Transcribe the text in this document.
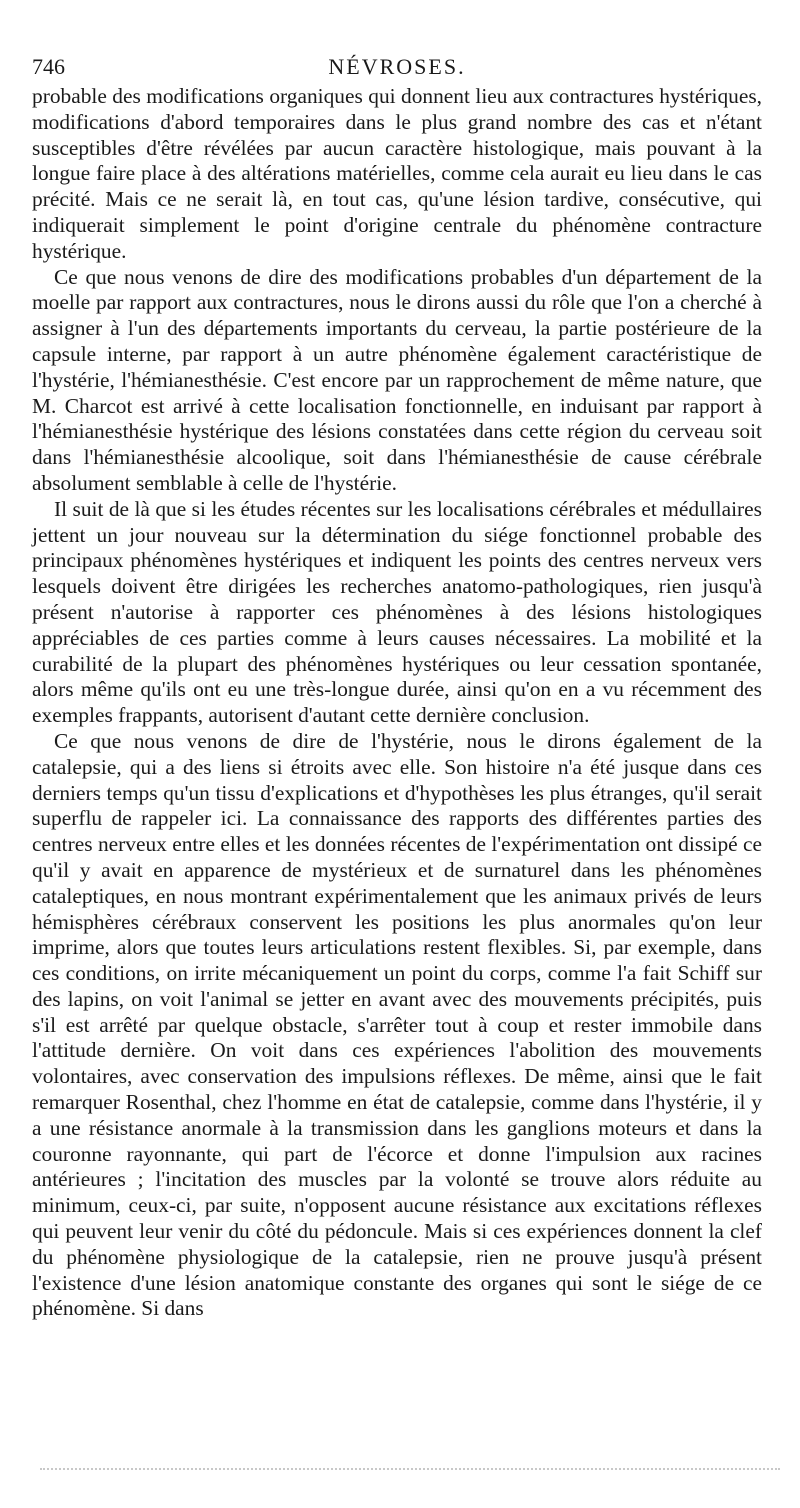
746	NÉVROSES.

probable des modifications organiques qui donnent lieu aux contractures hystériques, modifications d'abord temporaires dans le plus grand nombre des cas et n'étant susceptibles d'être révélées par aucun caractère histologique, mais pouvant à la longue faire place à des altérations matérielles, comme cela aurait eu lieu dans le cas précité. Mais ce ne serait là, en tout cas, qu'une lésion tardive, consécutive, qui indiquerait simplement le point d'origine centrale du phénomène contracture hystérique.

Ce que nous venons de dire des modifications probables d'un département de la moelle par rapport aux contractures, nous le dirons aussi du rôle que l'on a cherché à assigner à l'un des départements importants du cerveau, la partie postérieure de la capsule interne, par rapport à un autre phénomène également caractéristique de l'hystérie, l'hémianesthésie. C'est encore par un rapprochement de même nature, que M. Charcot est arrivé à cette localisation fonctionnelle, en induisant par rapport à l'hémianesthésie hystérique des lésions constatées dans cette région du cerveau soit dans l'hémianesthésie alcoolique, soit dans l'hémianesthésie de cause cérébrale absolument semblable à celle de l'hystérie.

Il suit de là que si les études récentes sur les localisations cérébrales et médullaires jettent un jour nouveau sur la détermination du siége fonctionnel probable des principaux phénomènes hystériques et indiquent les points des centres nerveux vers lesquels doivent être dirigées les recherches anatomo-pathologiques, rien jusqu'à présent n'autorise à rapporter ces phénomènes à des lésions histologiques appréciables de ces parties comme à leurs causes nécessaires. La mobilité et la curabilité de la plupart des phénomènes hystériques ou leur cessation spontanée, alors même qu'ils ont eu une très-longue durée, ainsi qu'on en a vu récemment des exemples frappants, autorisent d'autant cette dernière conclusion.

Ce que nous venons de dire de l'hystérie, nous le dirons également de la catalepsie, qui a des liens si étroits avec elle. Son histoire n'a été jusque dans ces derniers temps qu'un tissu d'explications et d'hypothèses les plus étranges, qu'il serait superflu de rappeler ici. La connaissance des rapports des différentes parties des centres nerveux entre elles et les données récentes de l'expérimentation ont dissipé ce qu'il y avait en apparence de mystérieux et de surnaturel dans les phénomènes cataleptiques, en nous montrant expérimentalement que les animaux privés de leurs hémisphères cérébraux conservent les positions les plus anormales qu'on leur imprime, alors que toutes leurs articulations restent flexibles. Si, par exemple, dans ces conditions, on irrite mécaniquement un point du corps, comme l'a fait Schiff sur des lapins, on voit l'animal se jetter en avant avec des mouvements précipités, puis s'il est arrêté par quelque obstacle, s'arrêter tout à coup et rester immobile dans l'attitude dernière. On voit dans ces expériences l'abolition des mouvements volontaires, avec conservation des impulsions réflexes. De même, ainsi que le fait remarquer Rosenthal, chez l'homme en état de catalepsie, comme dans l'hystérie, il y a une résistance anormale à la transmission dans les ganglions moteurs et dans la couronne rayonnante, qui part de l'écorce et donne l'impulsion aux racines antérieures ; l'incitation des muscles par la volonté se trouve alors réduite au minimum, ceux-ci, par suite, n'opposent aucune résistance aux excitations réflexes qui peuvent leur venir du côté du pédoncule. Mais si ces expériences donnent la clef du phénomène physiologique de la catalepsie, rien ne prouve jusqu'à présent l'existence d'une lésion anatomique constante des organes qui sont le siége de ce phénomène. Si dans
